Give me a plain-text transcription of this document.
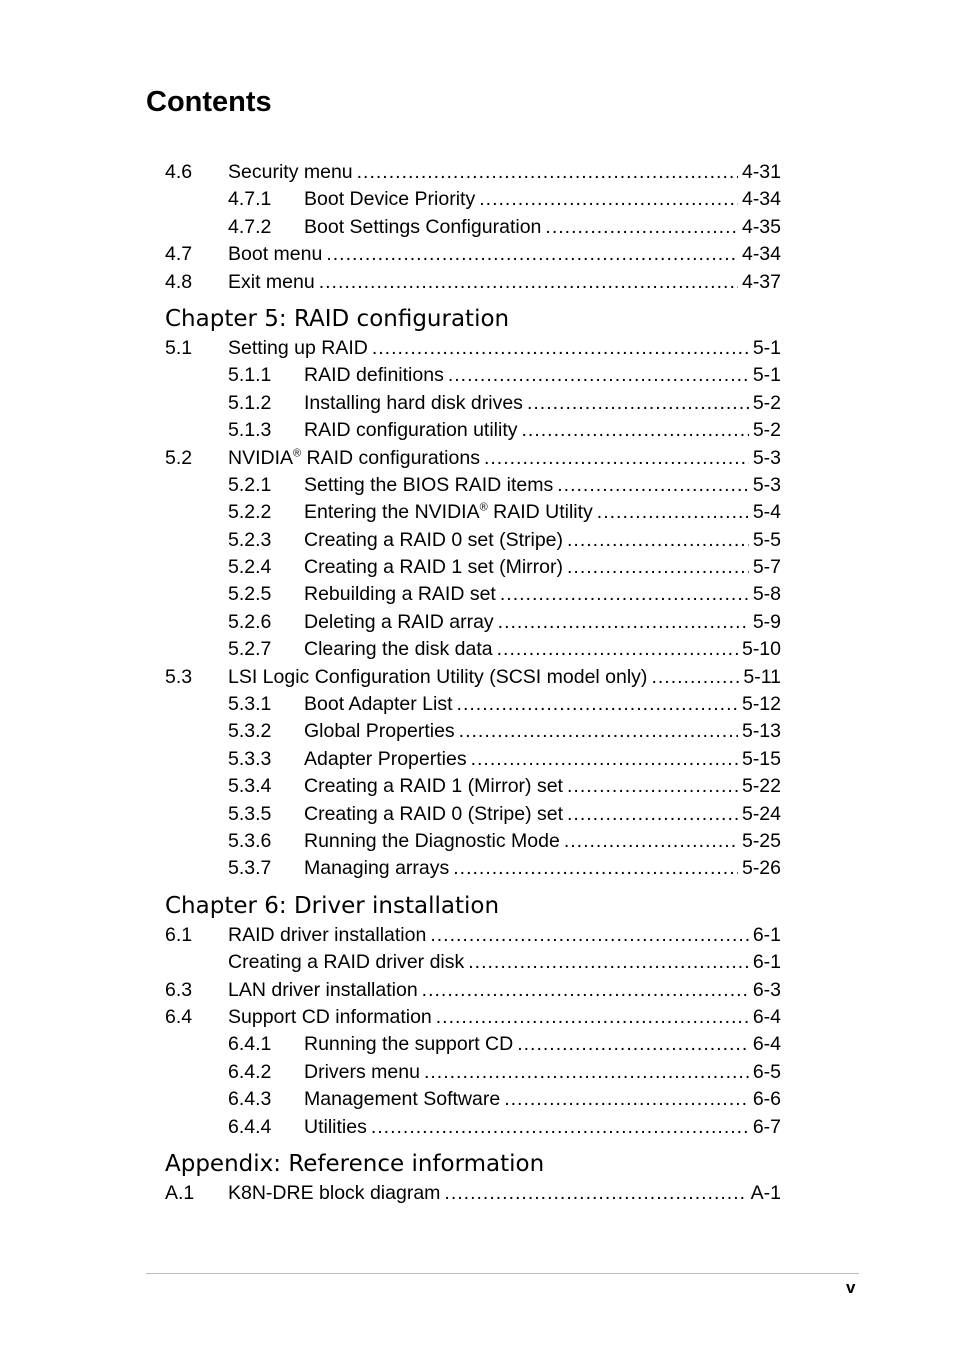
Contents
4.6	Security menu .....	4-31
4.7.1	Boot Device Priority .....	4-34
4.7.2	Boot Settings Configuration .....	4-35
4.7	Boot menu .....	4-34
4.8	Exit menu .....	4-37
Chapter 5: RAID configuration
5.1	Setting up RAID .....	5-1
5.1.1	RAID definitions .....	5-1
5.1.2	Installing hard disk drives .....	5-2
5.1.3	RAID configuration utility .....	5-2
5.2	NVIDIA® RAID configurations .....	5-3
5.2.1	Setting the BIOS RAID items .....	5-3
5.2.2	Entering the NVIDIA® RAID Utility .....	5-4
5.2.3	Creating a RAID 0 set (Stripe) .....	5-5
5.2.4	Creating a RAID 1 set (Mirror) .....	5-7
5.2.5	Rebuilding a RAID set .....	5-8
5.2.6	Deleting a RAID array .....	5-9
5.2.7	Clearing the disk data .....	5-10
5.3	LSI Logic Configuration Utility (SCSI model only) .....	5-11
5.3.1	Boot Adapter List .....	5-12
5.3.2	Global Properties .....	5-13
5.3.3	Adapter Properties .....	5-15
5.3.4	Creating a RAID 1 (Mirror) set .....	5-22
5.3.5	Creating a RAID 0 (Stripe) set .....	5-24
5.3.6	Running the Diagnostic Mode .....	5-25
5.3.7	Managing arrays .....	5-26
Chapter 6: Driver installation
6.1	RAID driver installation .....	6-1
Creating a RAID driver disk .....	6-1
6.3	LAN driver installation .....	6-3
6.4	Support CD information .....	6-4
6.4.1	Running the support CD .....	6-4
6.4.2	Drivers menu .....	6-5
6.4.3	Management Software .....	6-6
6.4.4	Utilities .....	6-7
Appendix: Reference information
A.1	K8N-DRE block diagram .....	A-1
v
